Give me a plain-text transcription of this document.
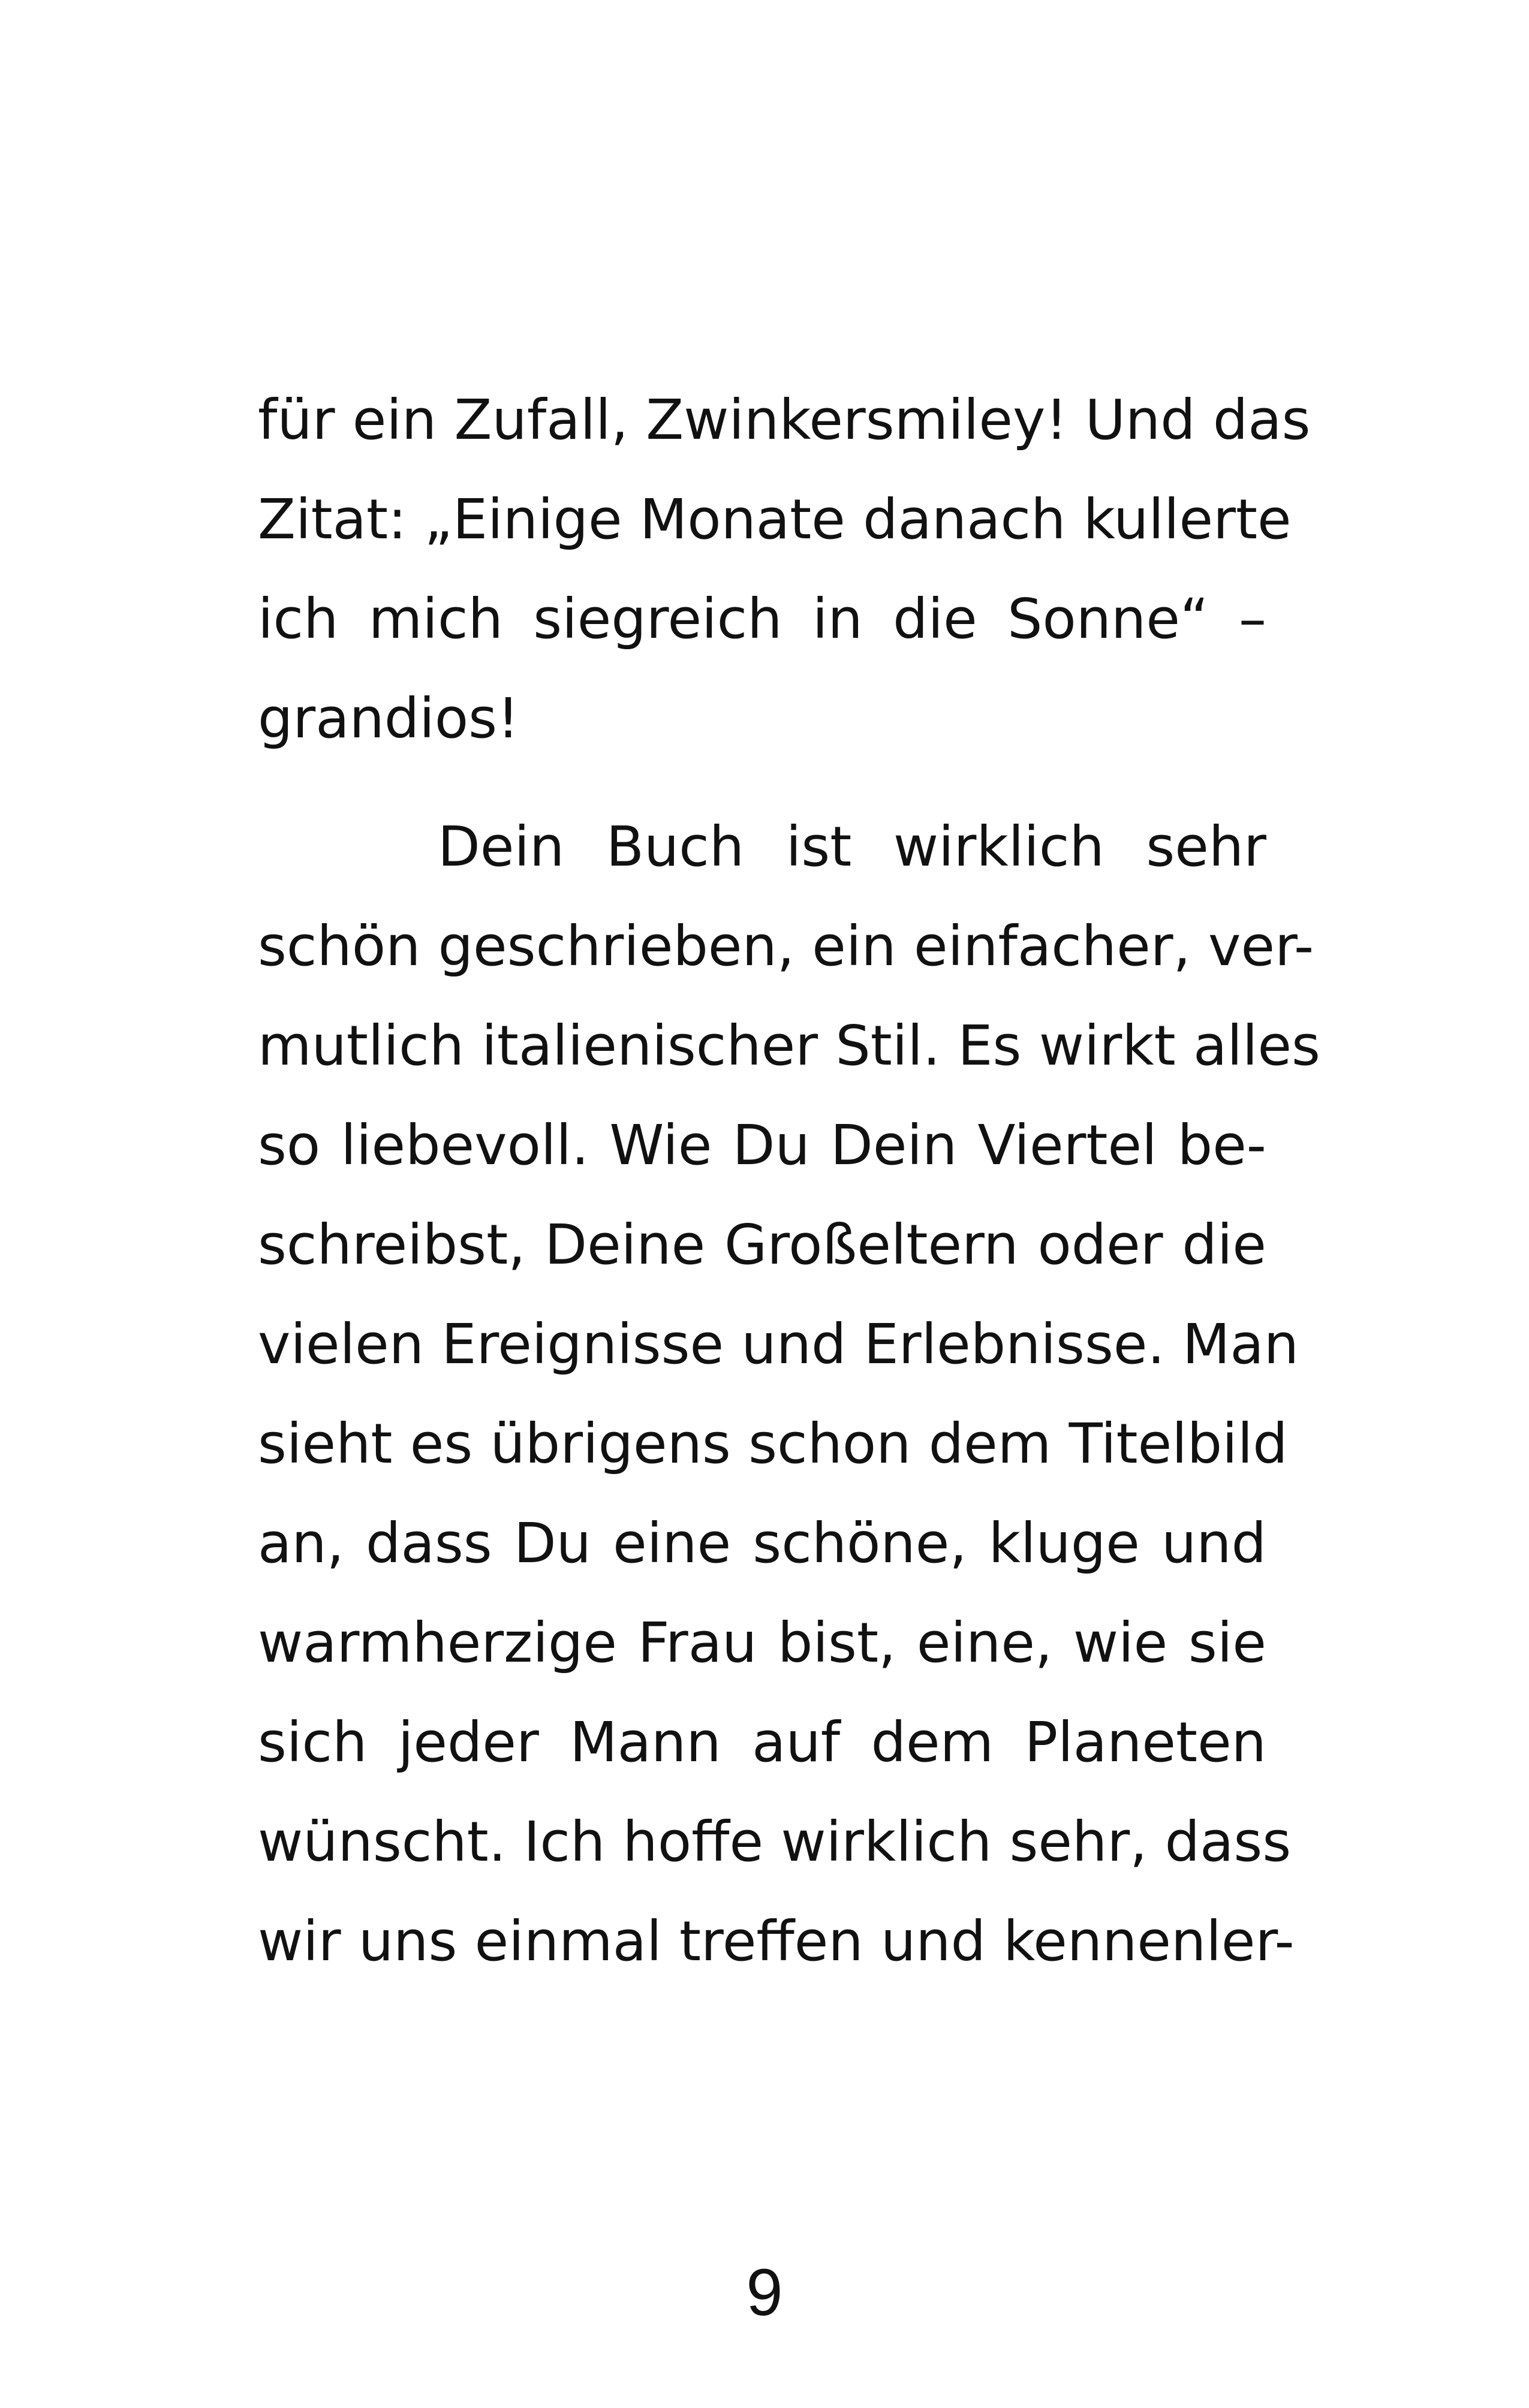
für ein Zufall, Zwinkersmiley! Und das
Zitat: „Einige Monate danach kullerte
ich mich siegreich in die Sonne“ –
grandios!
Dein Buch ist wirklich sehr
schön geschrieben, ein einfacher, ver-
mutlich italienischer Stil. Es wirkt alles
so liebevoll. Wie Du Dein Viertel be-
schreibst, Deine Großeltern oder die
vielen Ereignisse und Erlebnisse. Man
sieht es übrigens schon dem Titelbild
an, dass Du eine schöne, kluge und
warmherzige Frau bist, eine, wie sie
sich jeder Mann auf dem Planeten
wünscht. Ich hoffe wirklich sehr, dass
wir uns einmal treffen und kennenler-
9
